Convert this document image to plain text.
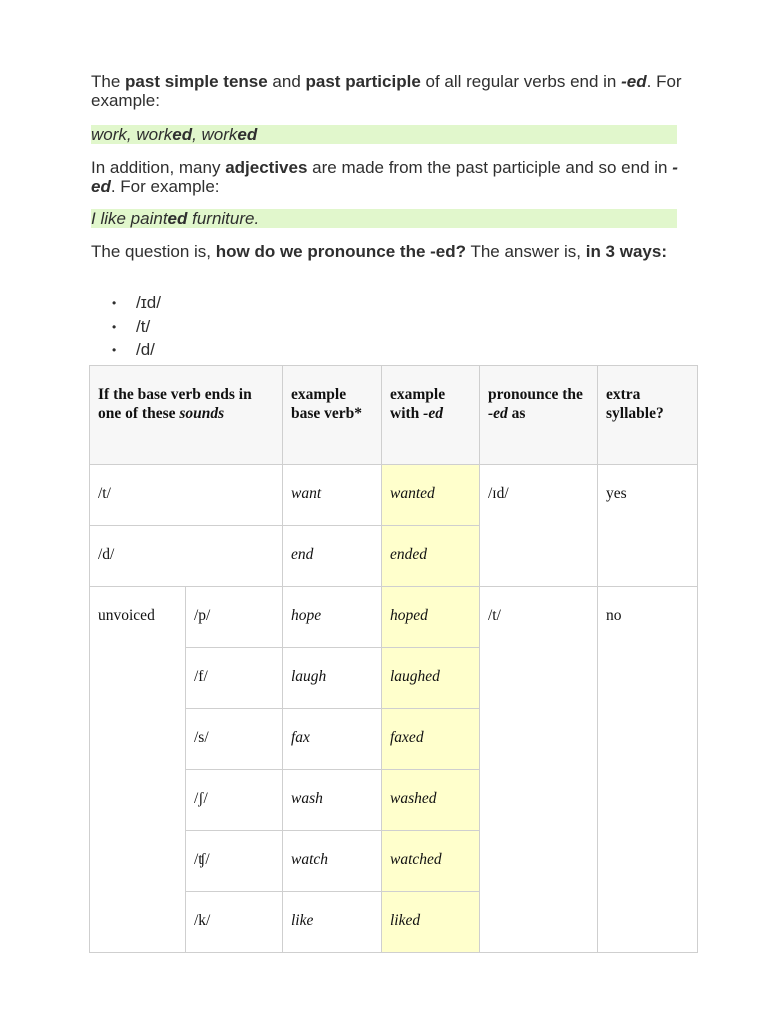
The past simple tense and past participle of all regular verbs end in -ed. For example:

work, worked, worked

In addition, many adjectives are made from the past participle and so end in -ed. For example:

I like painted furniture.

The question is, how do we pronounce the -ed? The answer is, in 3 ways:

• /ɪd/
• /t/
• /d/
If the base verb ends in one of these sounds		example base verb*	example with -ed	pronounce the -ed as	extra syllable?
/t/		want	wanted	/ɪd/	yes
/d/		end	ended		
unvoiced	/p/	hope	hoped	/t/	no
	/f/	laugh	laughed		
	/s/	fax	faxed		
	/ʃ/	wash	washed		
	/ʧ/	watch	watched		
	/k/	like	liked		
